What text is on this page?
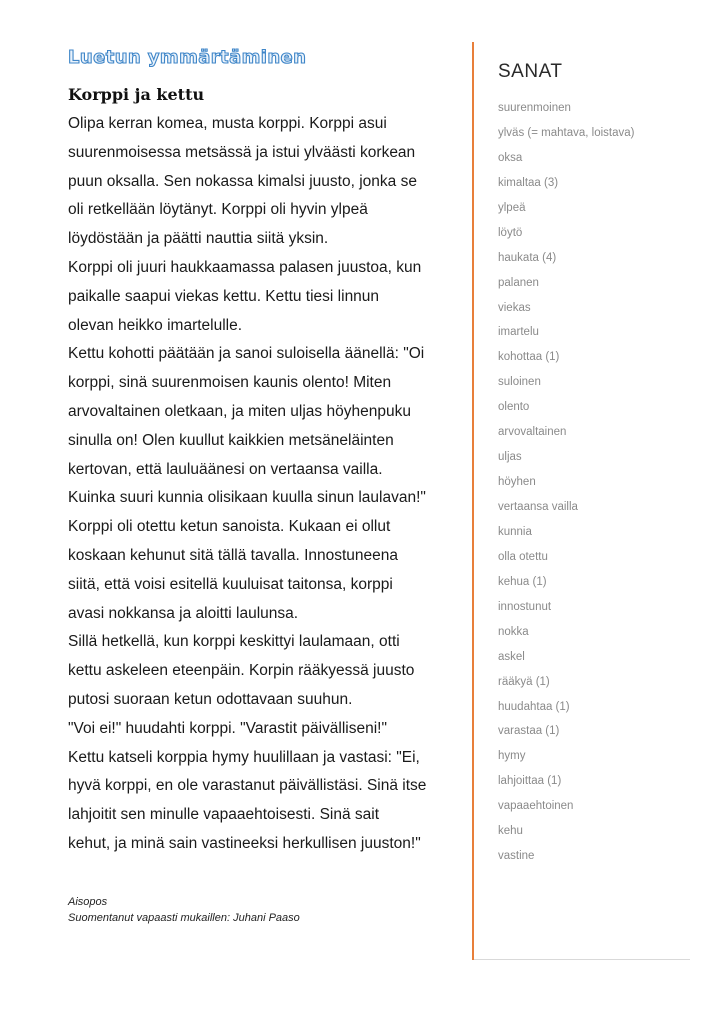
Luetun ymmärtäminen
Korppi ja kettu
Olipa kerran komea, musta korppi. Korppi asui
suurenmoisessa metsässä ja istui ylväästi korkean
puun oksalla. Sen nokassa kimalsi juusto, jonka se
oli retkellään löytänyt. Korppi oli hyvin ylpeä
löydöstään ja päätti nauttia siitä yksin.
Korppi oli juuri haukkaamassa palasen juustoa, kun
paikalle saapui viekas kettu. Kettu tiesi linnun
olevan heikko imartelulle.
Kettu kohotti päätään ja sanoi suloisella äänellä: "Oi
korppi, sinä suurenmoisen kaunis olento! Miten
arvovaltainen oletkaan, ja miten uljas höyhenpuku
sinulla on! Olen kuullut kaikkien metsäneläinten
kertovan, että lauluäänesi on vertaansa vailla.
Kuinka suuri kunnia olisikaan kuulla sinun laulavan!"
Korppi oli otettu ketun sanoista. Kukaan ei ollut
koskaan kehunut sitä tällä tavalla. Innostuneena
siitä, että voisi esitellä kuuluisat taitonsa, korppi
avasi nokkansa ja aloitti laulunsa.
Sillä hetkellä, kun korppi keskittyi laulamaan, otti
kettu askeleen eteenpäin. Korpin rääkyessä juusto
putosi suoraan ketun odottavaan suuhun.
"Voi ei!" huudahti korppi. "Varastit päivälliseni!"
Kettu katseli korppia hymy huulillaan ja vastasi: "Ei,
hyvä korppi, en ole varastanut päivällistäsi. Sinä itse
lahjoitit sen minulle vapaaehtoisesti. Sinä sait
kehut, ja minä sain vastineeksi herkullisen juuston!"
Aisopos
Suomentanut vapaasti mukaillen: Juhani Paaso
SANAT
suurenmoinen
ylväs (= mahtava, loistava)
oksa
kimaltaa (3)
ylpeä
löytö
haukata (4)
palanen
viekas
imartelu
kohottaa (1)
suloinen
olento
arvovaltainen
uljas
höyhen
vertaansa vailla
kunnia
olla otettu
kehua (1)
innostunut
nokka
askel
rääkyä (1)
huudahtaa (1)
varastaa (1)
hymy
lahjoittaa (1)
vapaaehtoinen
kehu
vastine
